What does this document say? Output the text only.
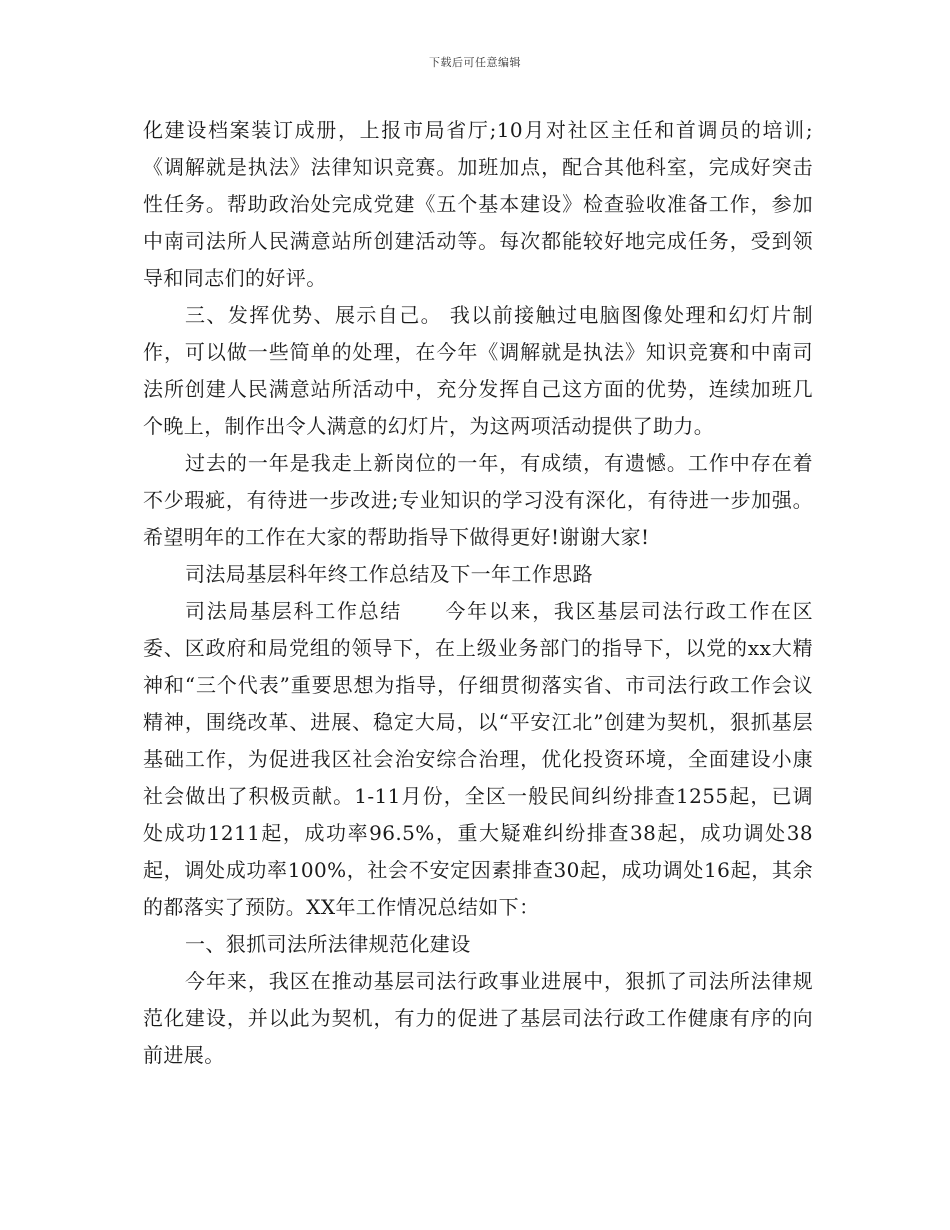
下载后可任意编辑

化建设档案装订成册，上报市局省厅;10月对社区主任和首调员的培训;《调解就是执法》法律知识竞赛。加班加点，配合其他科室，完成好突击性任务。帮助政治处完成党建《五个基本建设》检查验收准备工作，参加中南司法所人民满意站所创建活动等。每次都能较好地完成任务，受到领导和同志们的好评。

三、发挥优势、展示自己。 我以前接触过电脑图像处理和幻灯片制作，可以做一些简单的处理，在今年《调解就是执法》知识竞赛和中南司法所创建人民满意站所活动中，充分发挥自己这方面的优势，连续加班几个晚上，制作出令人满意的幻灯片，为这两项活动提供了助力。

过去的一年是我走上新岗位的一年，有成绩，有遗憾。工作中存在着不少瑕疵，有待进一步改进;专业知识的学习没有深化，有待进一步加强。希望明年的工作在大家的帮助指导下做得更好!谢谢大家!

司法局基层科年终工作总结及下一年工作思路

司法局基层科工作总结　　今年以来，我区基层司法行政工作在区委、区政府和局党组的领导下，在上级业务部门的指导下，以党的xx大精神和“三个代表”重要思想为指导，仔细贯彻落实省、市司法行政工作会议精神，围绕改革、进展、稳定大局，以“平安江北”创建为契机，狠抓基层基础工作，为促进我区社会治安综合治理，优化投资环境，全面建设小康社会做出了积极贡献。1-11月份，全区一般民间纠纷排查1255起，已调处成功1211起，成功率96.5%，重大疑难纠纷排查38起，成功调处38起，调处成功率100%，社会不安定因素排查30起，成功调处16起，其余的都落实了预防。XX年工作情况总结如下：

一、狠抓司法所法律规范化建设

今年来，我区在推动基层司法行政事业进展中，狠抓了司法所法律规范化建设，并以此为契机，有力的促进了基层司法行政工作健康有序的向前进展。
